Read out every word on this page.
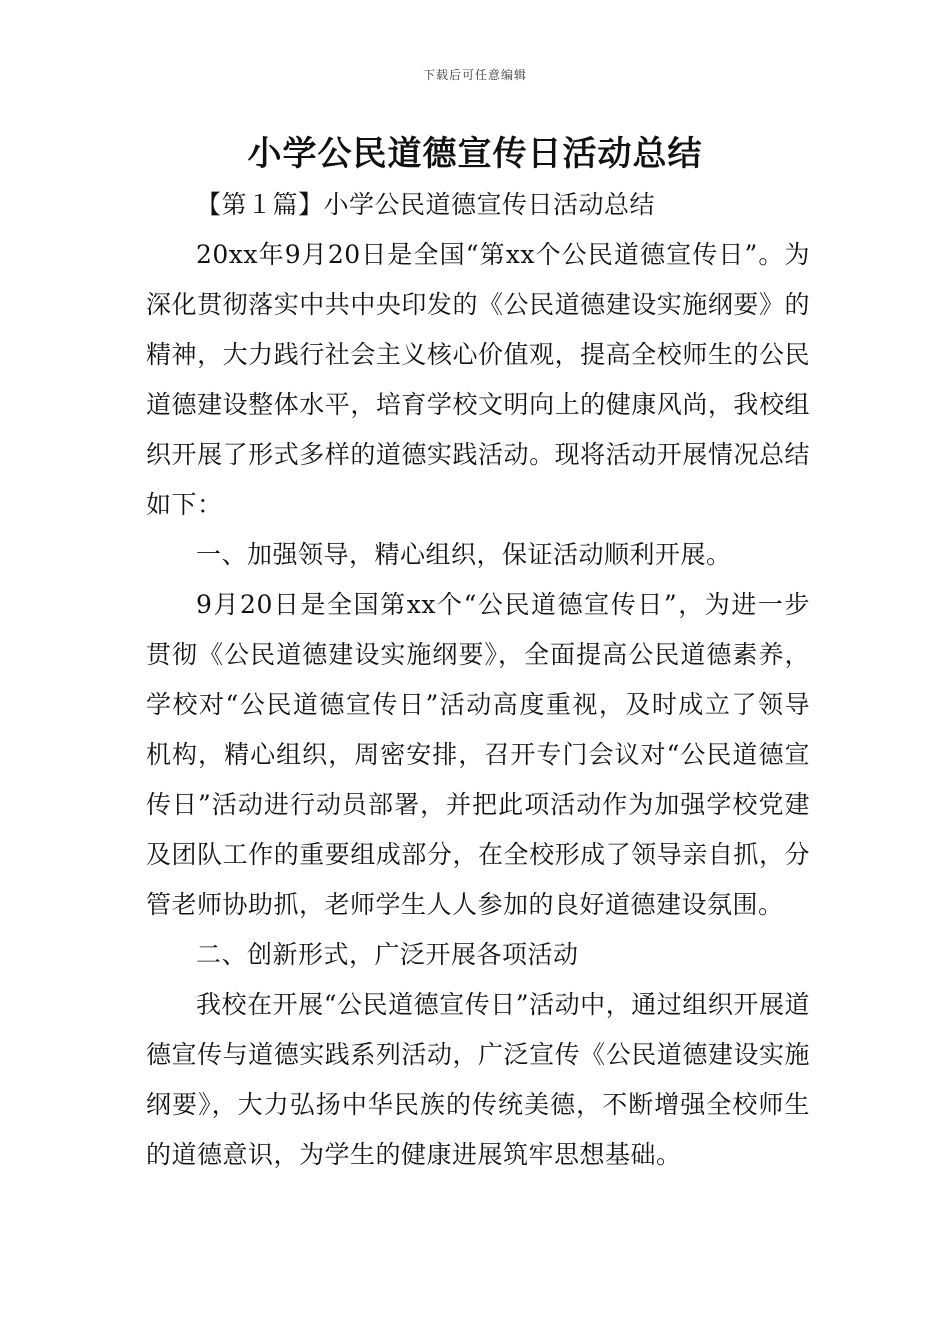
下载后可任意编辑
小学公民道德宣传日活动总结

【第１篇】小学公民道德宣传日活动总结

20xx年9月20日是全国“第xx个公民道德宣传日”。为深化贯彻落实中共中央印发的《公民道德建设实施纲要》的精神，大力践行社会主义核心价值观，提高全校师生的公民道德建设整体水平，培育学校文明向上的健康风尚，我校组织开展了形式多样的道德实践活动。现将活动开展情况总结如下：

一、加强领导，精心组织，保证活动顺利开展。

9月20日是全国第xx个“公民道德宣传日”，为进一步贯彻《公民道德建设实施纲要》，全面提高公民道德素养，学校对“公民道德宣传日”活动高度重视，及时成立了领导机构，精心组织，周密安排，召开专门会议对“公民道德宣传日”活动进行动员部署，并把此项活动作为加强学校党建及团队工作的重要组成部分，在全校形成了领导亲自抓，分管老师协助抓，老师学生人人参加的良好道德建设氛围。

二、创新形式，广泛开展各项活动

我校在开展“公民道德宣传日”活动中，通过组织开展道德宣传与道德实践系列活动，广泛宣传《公民道德建设实施纲要》，大力弘扬中华民族的传统美德，不断增强全校师生的道德意识，为学生的健康进展筑牢思想基础。
